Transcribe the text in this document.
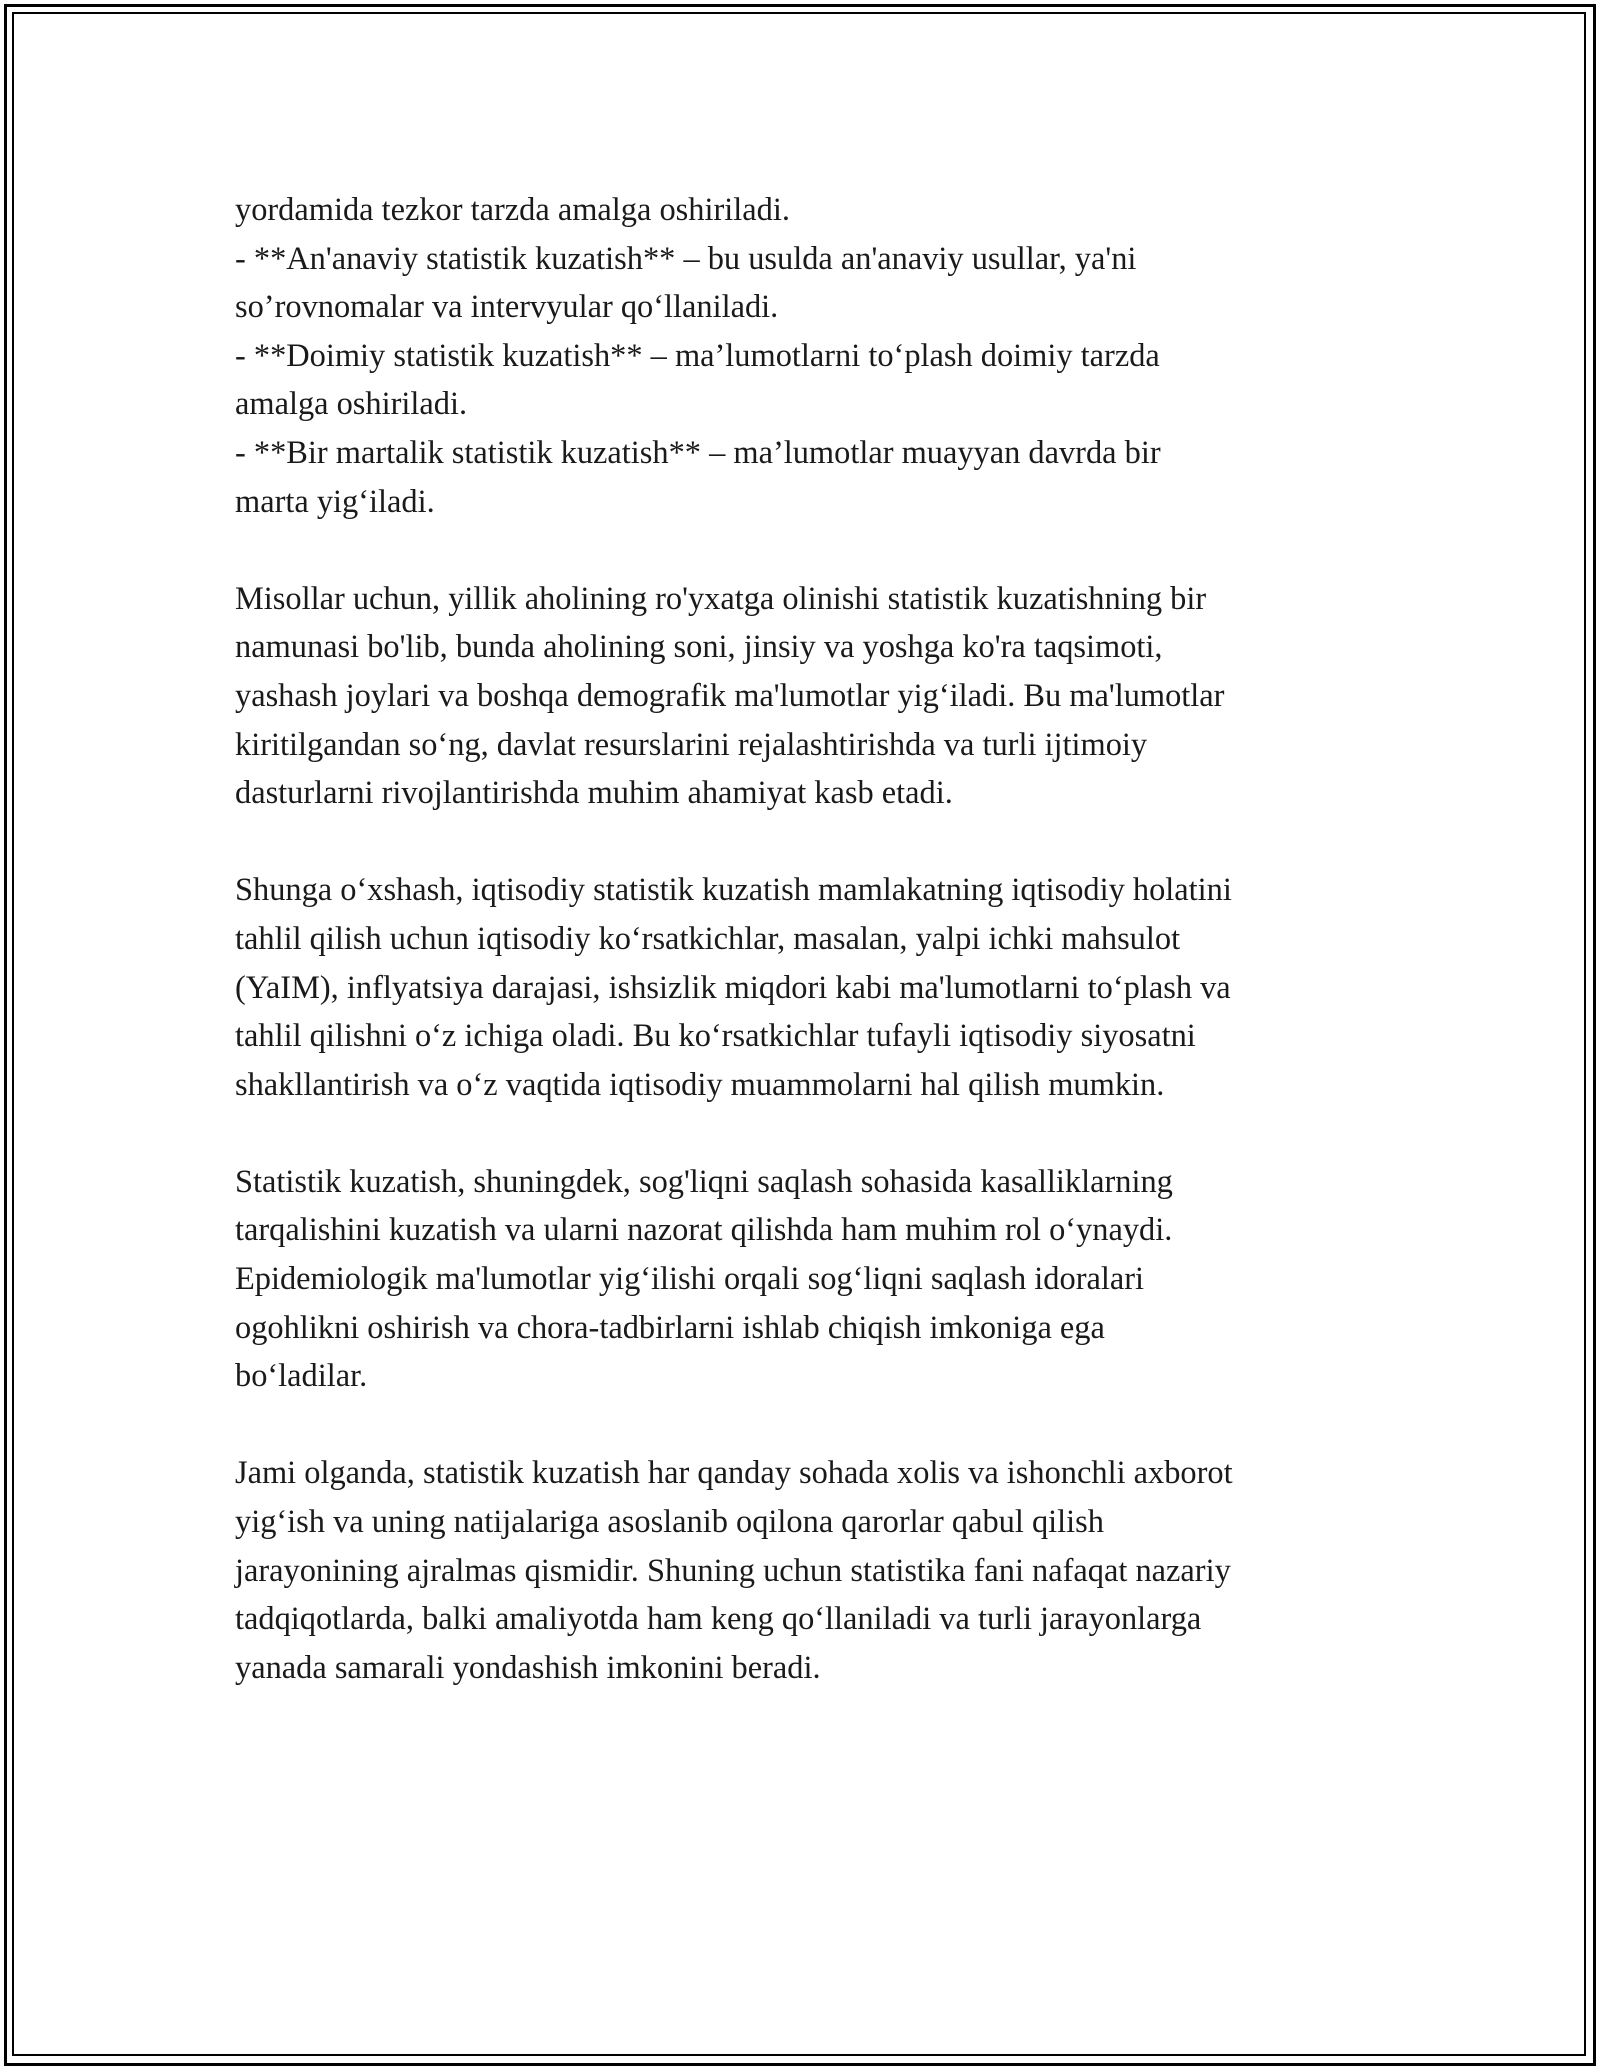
yordamida tezkor tarzda amalga oshiriladi.
- **An'anaviy statistik kuzatish** – bu usulda an'anaviy usullar, ya'ni
so’rovnomalar va intervyular qo‘llaniladi.
- **Doimiy statistik kuzatish** – ma’lumotlarni to‘plash doimiy tarzda
amalga oshiriladi.
- **Bir martalik statistik kuzatish** – ma’lumotlar muayyan davrda bir
marta yig‘iladi.
Misollar uchun, yillik aholining ro'yxatga olinishi statistik kuzatishning bir
namunasi bo'lib, bunda aholining soni, jinsiy va yoshga ko'ra taqsimoti,
yashash joylari va boshqa demografik ma'lumotlar yig‘iladi. Bu ma'lumotlar
kiritilgandan so‘ng, davlat resurslarini rejalashtirishda va turli ijtimoiy
dasturlarni rivojlantirishda muhim ahamiyat kasb etadi.
Shunga o‘xshash, iqtisodiy statistik kuzatish mamlakatning iqtisodiy holatini
tahlil qilish uchun iqtisodiy ko‘rsatkichlar, masalan, yalpi ichki mahsulot
(YaIM), inflyatsiya darajasi, ishsizlik miqdori kabi ma'lumotlarni to‘plash va
tahlil qilishni o‘z ichiga oladi. Bu ko‘rsatkichlar tufayli iqtisodiy siyosatni
shakllantirish va o‘z vaqtida iqtisodiy muammolarni hal qilish mumkin.
Statistik kuzatish, shuningdek, sog'liqni saqlash sohasida kasalliklarning
tarqalishini kuzatish va ularni nazorat qilishda ham muhim rol o‘ynaydi.
Epidemiologik ma'lumotlar yig‘ilishi orqali sog‘liqni saqlash idoralari
ogohlikni oshirish va chora-tadbirlarni ishlab chiqish imkoniga ega
bo‘ladilar.
Jami olganda, statistik kuzatish har qanday sohada xolis va ishonchli axborot
yig‘ish va uning natijalariga asoslanib oqilona qarorlar qabul qilish
jarayonining ajralmas qismidir. Shuning uchun statistika fani nafaqat nazariy
tadqiqotlarda, balki amaliyotda ham keng qo‘llaniladi va turli jarayonlarga
yanada samarali yondashish imkonini beradi.
